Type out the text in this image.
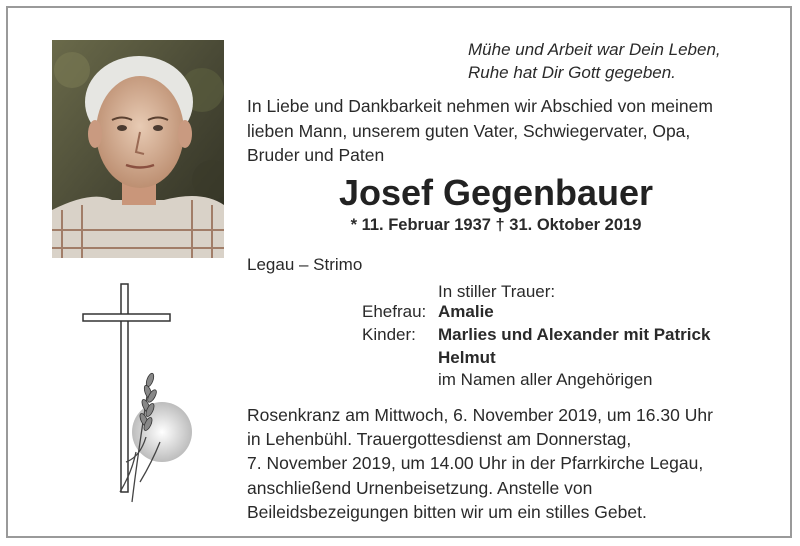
Mühe und Arbeit war Dein Leben,
Ruhe hat Dir Gott gegeben.
In Liebe und Dankbarkeit nehmen wir Abschied von meinem
lieben Mann, unserem guten Vater, Schwiegervater, Opa,
Bruder und Paten
Josef Gegenbauer
* 11. Februar 1937 † 31. Oktober 2019
Legau – Strimo
In stiller Trauer:
Ehefrau: Amalie
Kinder: Marlies und Alexander mit Patrick
Helmut
im Namen aller Angehörigen
Rosenkranz am Mittwoch, 6. November 2019, um 16.30 Uhr
in Lehenbühl. Trauergottesdienst am Donnerstag,
7. November 2019, um 14.00 Uhr in der Pfarrkirche Legau,
anschließend Urnenbeisetzung. Anstelle von
Beileidsbezeigungen bitten wir um ein stilles Gebet.
